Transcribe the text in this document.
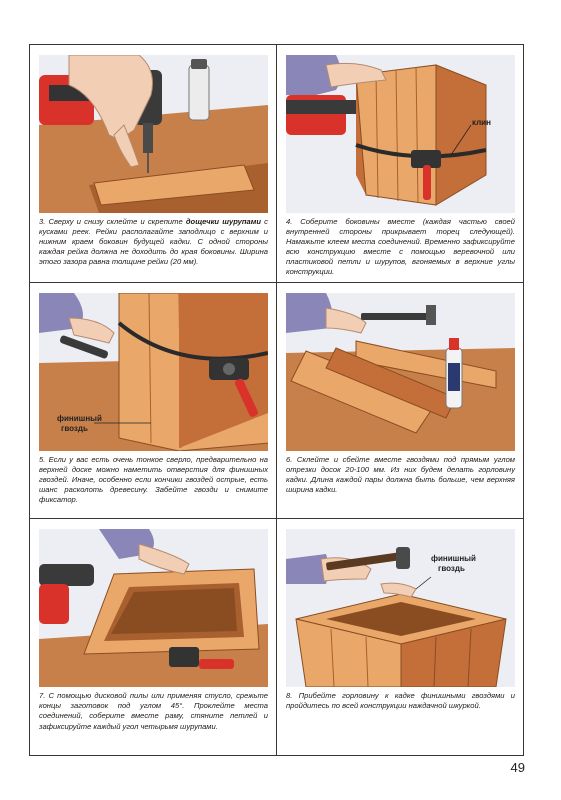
3. Сверху и снизу склейте и скрепите дощечки шурупами с кусками реек. Рейки располагайте заподлицо с верхним и нижним краем боковин будущей кадки. С одной стороны каждая рейка должна не доходить до края боковины. Ширина этого зазора равна толщине рейки (20 мм).
клин
4. Соберите боковины вместе (каждая частью своей внутренней стороны прикрывает торец следующей). Намажьте клеем места соединений. Временно зафиксируйте всю конструкцию вместе с помощью веревочной или пластиковой петли и шурупов, вгоняемых в верхние углы конструкции.
финишный
гвоздь
5. Если у вас есть очень тонкое сверло, предварительно на верхней доске можно наметить отверстия для финишных гвоздей. Иначе, особенно если кончики гвоздей острые, есть шанс расколоть древесину. Забейте гвозди и снимите фиксатор.
6. Склейте и сбейте вместе гвоздями под прямым углом отрезки досок 20-100 мм. Из них будем делать горловину кадки. Длина каждой пары должна быть больше, чем верхняя ширина кадки.
7. С помощью дисковой пилы или применяя стусло, срежьте концы заготовок под углом 45°. Проклейте места соединений, соберите вместе раму, стяните петлей и зафиксируйте каждый угол четырьмя шурупами.
финишный
гвоздь
8. Прибейте горловину к кадке финишными гвоздями и пройдитесь по всей конструкции наждачной шкуркой.
49
